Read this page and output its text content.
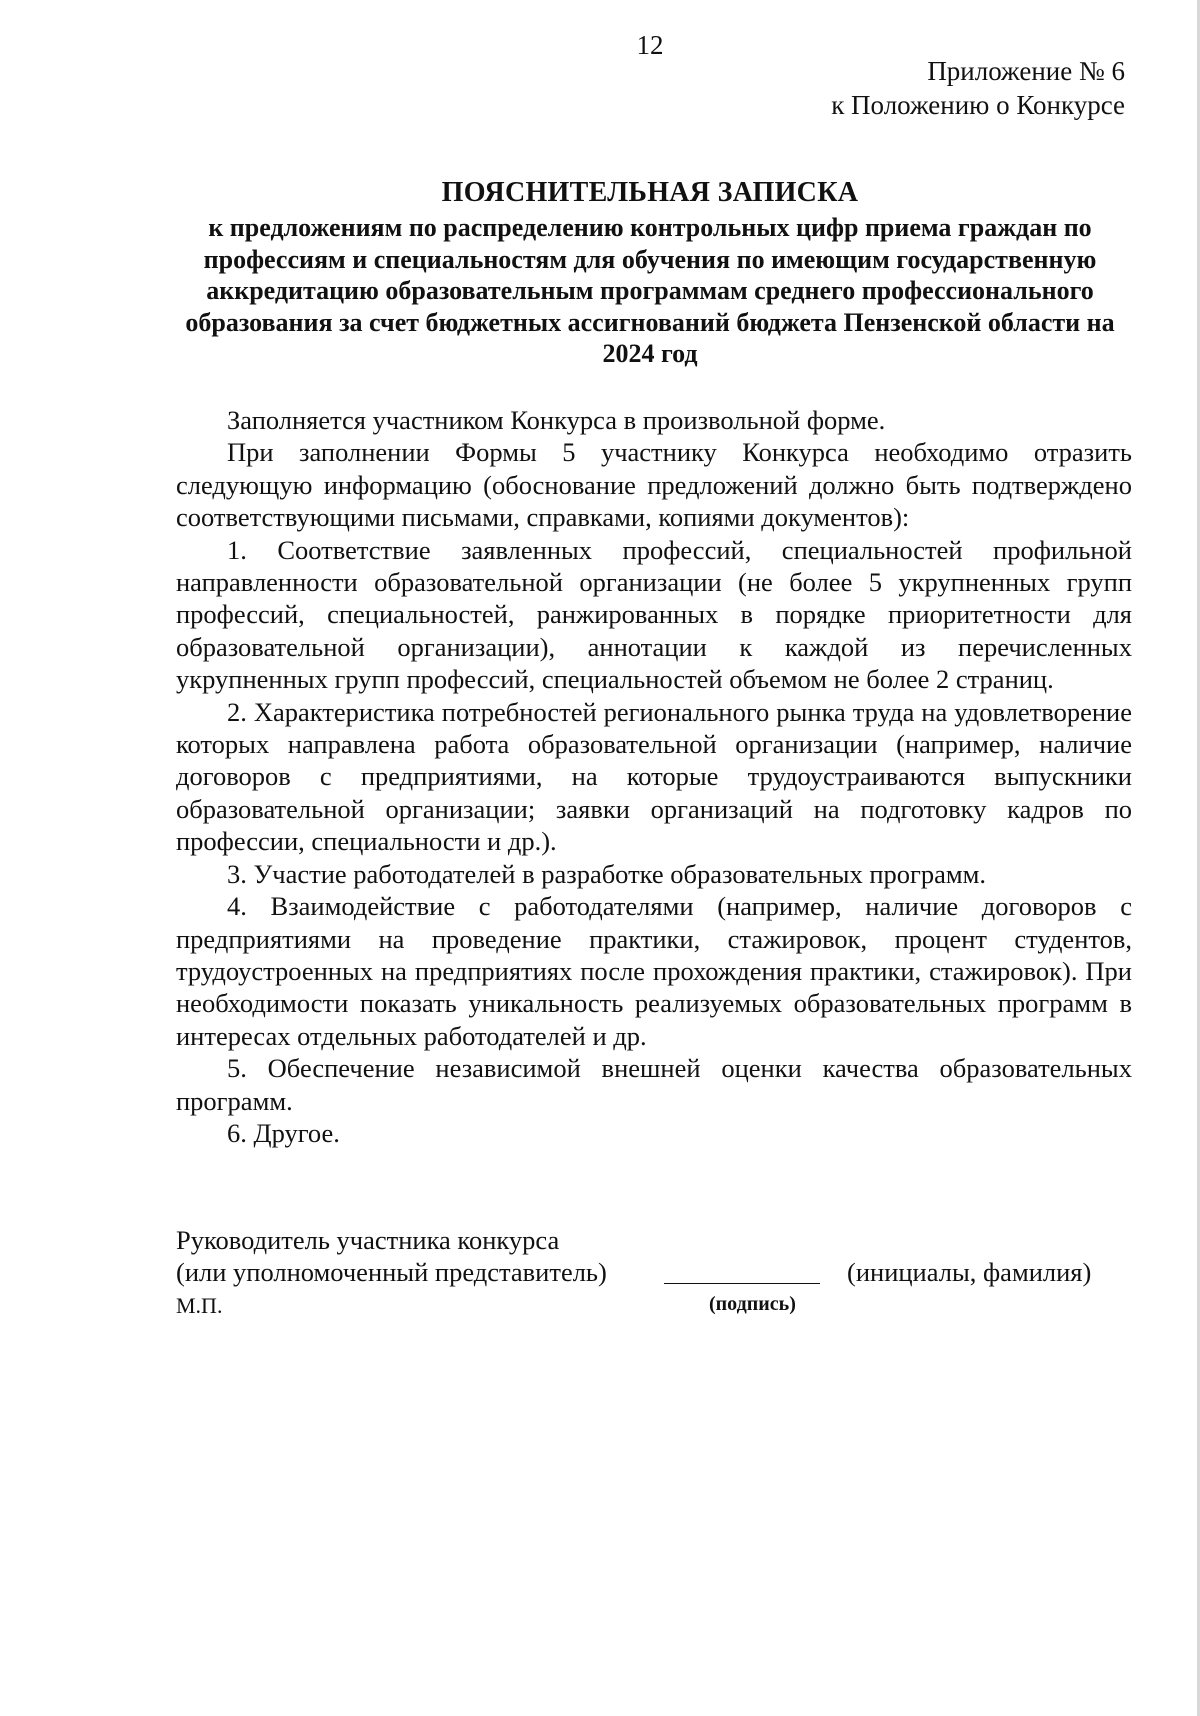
12
Приложение № 6
к Положению о Конкурсе
ПОЯСНИТЕЛЬНАЯ ЗАПИСКА
к предложениям по распределению контрольных цифр приема граждан по профессиям и специальностям для обучения по имеющим государственную аккредитацию образовательным программам среднего профессионального образования за счет бюджетных ассигнований бюджета Пензенской области на 2024 год

Заполняется участником Конкурса в произвольной форме.

При заполнении Формы 5 участнику Конкурса необходимо отразить следующую информацию (обоснование предложений должно быть подтверждено соответствующими письмами, справками, копиями документов):

1. Соответствие заявленных профессий, специальностей профильной направленности образовательной организации (не более 5 укрупненных групп профессий, специальностей, ранжированных в порядке приоритетности для образовательной организации), аннотации к каждой из перечисленных укрупненных групп профессий, специальностей объемом не более 2 страниц.

2. Характеристика потребностей регионального рынка труда на удовлетворение которых направлена работа образовательной организации (например, наличие договоров с предприятиями, на которые трудоустраиваются выпускники образовательной организации; заявки организаций на подготовку кадров по профессии, специальности и др.).

3. Участие работодателей в разработке образовательных программ.

4. Взаимодействие с работодателями (например, наличие договоров с предприятиями на проведение практики, стажировок, процент студентов, трудоустроенных на предприятиях после прохождения практики, стажировок). При необходимости показать уникальность реализуемых образовательных программ в интересах отдельных работодателей и др.

5. Обеспечение независимой внешней оценки качества образовательных программ.

6. Другое.

Руководитель участника конкурса
(или уполномоченный представитель)	(инициалы, фамилия)
М.П.	(подпись)
